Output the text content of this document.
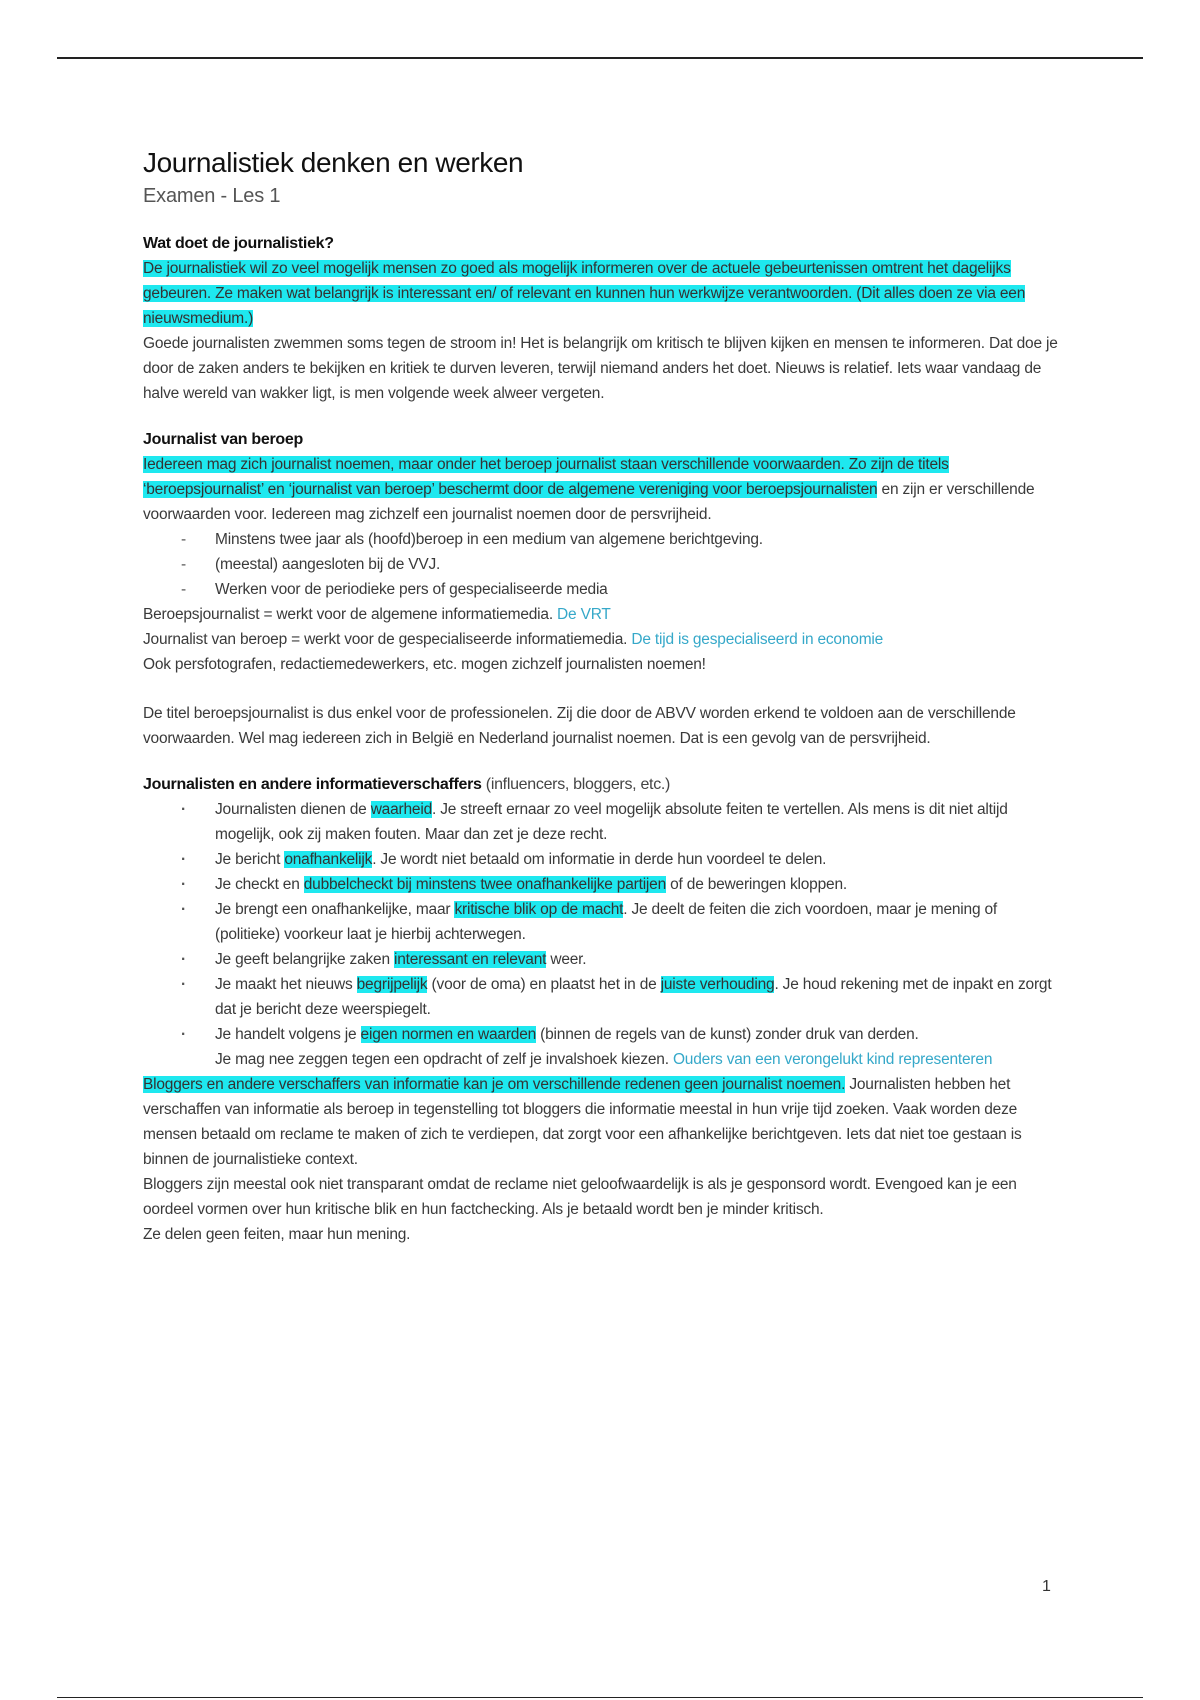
Journalistiek denken en werken
Examen - Les 1
Wat doet de journalistiek?

De journalistiek wil zo veel mogelijk mensen zo goed als mogelijk informeren over de actuele gebeurtenissen omtrent het dagelijks gebeuren. Ze maken wat belangrijk is interessant en/ of relevant en kunnen hun werkwijze verantwoorden. (Dit alles doen ze via een nieuwsmedium.)

Goede journalisten zwemmen soms tegen de stroom in! Het is belangrijk om kritisch te blijven kijken en mensen te informeren. Dat doe je door de zaken anders te bekijken en kritiek te durven leveren, terwijl niemand anders het doet. Nieuws is relatief. Iets waar vandaag de halve wereld van wakker ligt, is men volgende week alweer vergeten.

Journalist van beroep

Iedereen mag zich journalist noemen, maar onder het beroep journalist staan verschillende voorwaarden. Zo zijn de titels ‘beroepsjournalist’ en ‘journalist van beroep’ beschermt door de algemene vereniging voor beroepsjournalisten en zijn er verschillende voorwaarden voor. Iedereen mag zichzelf een journalist noemen door de persvrijheid.

- Minstens twee jaar als (hoofd)beroep in een medium van algemene berichtgeving.
- (meestal) aangesloten bij de VVJ.
- Werken voor de periodieke pers of gespecialiseerde media

Beroepsjournalist = werkt voor de algemene informatiemedia. De VRT

Journalist van beroep = werkt voor de gespecialiseerde informatiemedia. De tijd is gespecialiseerd in economie

Ook persfotografen, redactiemedewerkers, etc. mogen zichzelf journalisten noemen!

De titel beroepsjournalist is dus enkel voor de professionelen. Zij die door de ABVV worden erkend te voldoen aan de verschillende voorwaarden. Wel mag iedereen zich in België en Nederland journalist noemen. Dat is een gevolg van de persvrijheid.

Journalisten en andere informatieverschaffers (influencers, bloggers, etc.)
· Journalisten dienen de waarheid. Je streeft ernaar zo veel mogelijk absolute feiten te vertellen. Als mens is dit niet altijd mogelijk, ook zij maken fouten. Maar dan zet je deze recht.
· Je bericht onafhankelijk. Je wordt niet betaald om informatie in derde hun voordeel te delen.
· Je checkt en dubbelcheckt bij minstens twee onafhankelijke partijen of de beweringen kloppen.
· Je brengt een onafhankelijke, maar kritische blik op de macht. Je deelt de feiten die zich voordoen, maar je mening of (politieke) voorkeur laat je hierbij achterwegen.
· Je geeft belangrijke zaken interessant en relevant weer.
· Je maakt het nieuws begrijpelijk (voor de oma) en plaatst het in de juiste verhouding. Je houd rekening met de inpakt en zorgt dat je bericht deze weerspiegelt.
· Je handelt volgens je eigen normen en waarden (binnen de regels van de kunst) zonder druk van derden.

Je mag nee zeggen tegen een opdracht of zelf je invalshoek kiezen. Ouders van een verongelukt kind representeren

Bloggers en andere verschaffers van informatie kan je om verschillende redenen geen journalist noemen. Journalisten hebben het verschaffen van informatie als beroep in tegenstelling tot bloggers die informatie meestal in hun vrije tijd zoeken. Vaak worden deze mensen betaald om reclame te maken of zich te verdiepen, dat zorgt voor een afhankelijke berichtgeven. Iets dat niet toe gestaan is binnen de journalistieke context.

Bloggers zijn meestal ook niet transparant omdat de reclame niet geloofwaardelijk is als je gesponsord wordt. Evengoed kan je een oordeel vormen over hun kritische blik en hun factchecking. Als je betaald wordt ben je minder kritisch.

Ze delen geen feiten, maar hun mening.

1
